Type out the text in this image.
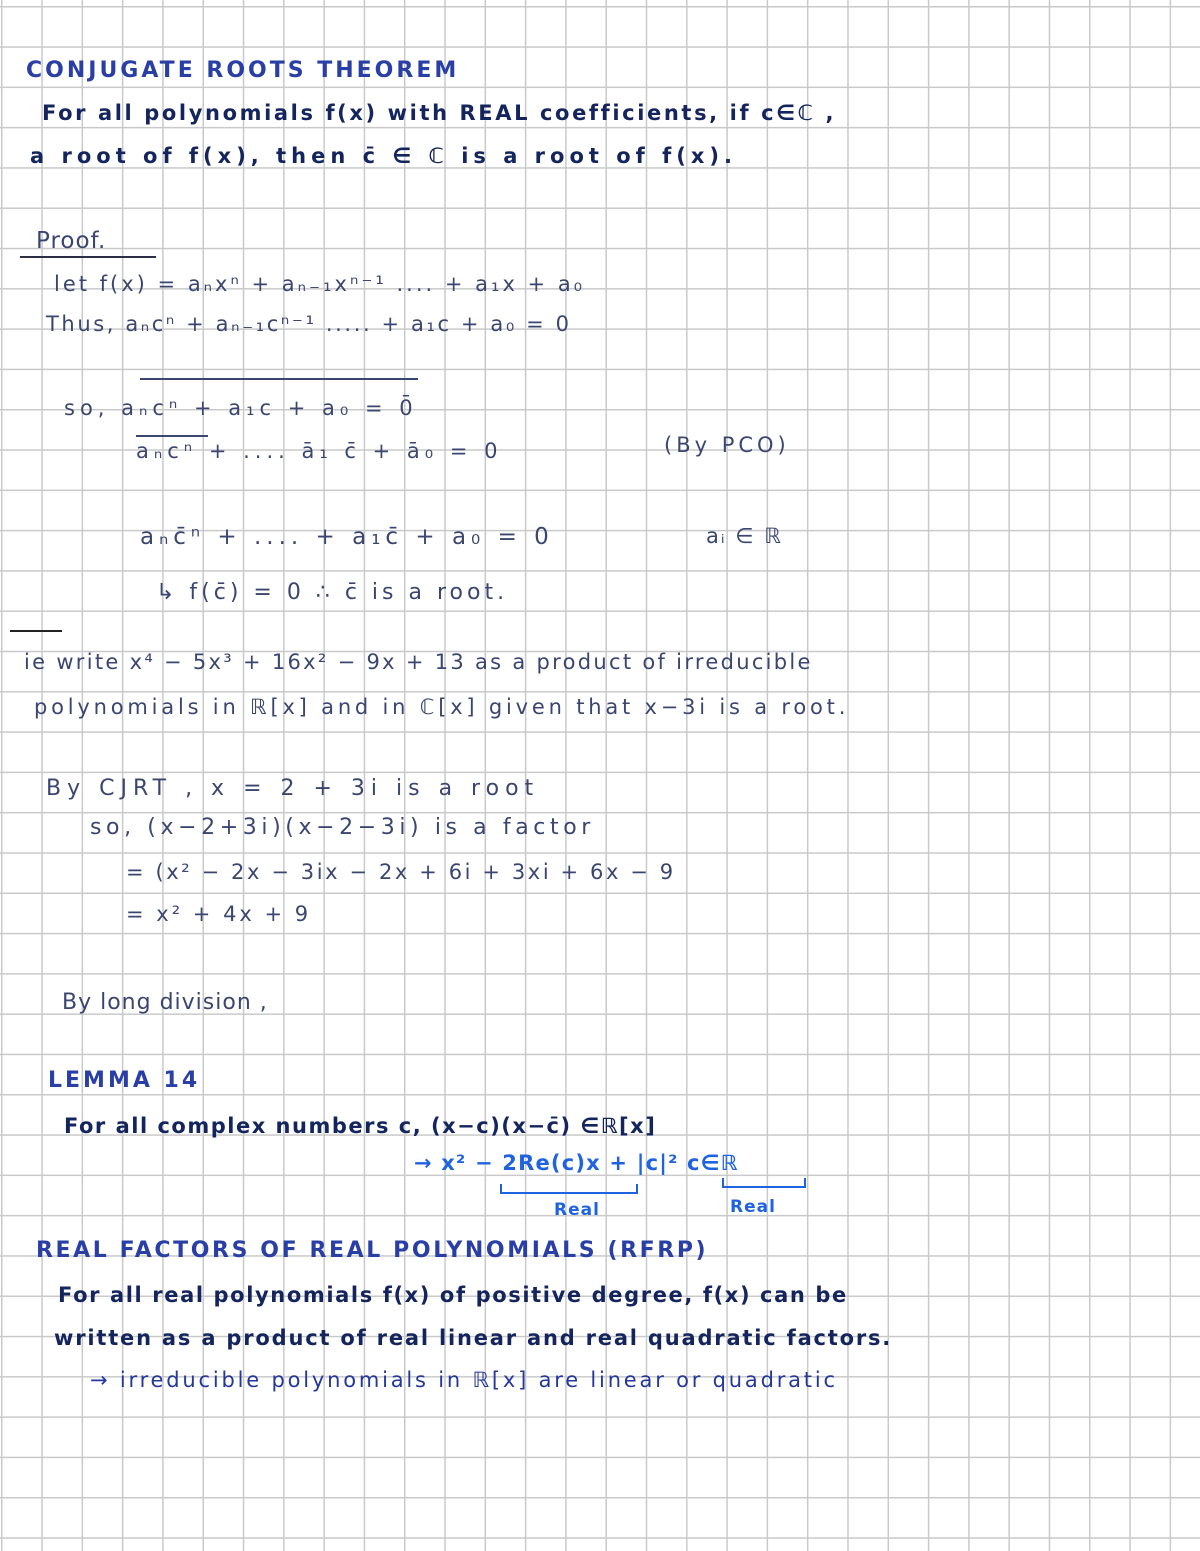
CONJUGATE ROOTS THEOREM
For all polynomials f(x) with REAL coefficients, if c∈ℂ ,
a root of f(x), then c̄ ∈ ℂ is a root of f(x).
Proof.
let f(x) = aₙxⁿ + aₙ₋₁xⁿ⁻¹ .... + a₁x + a₀
Thus, aₙcⁿ + aₙ₋₁cⁿ⁻¹ ..... + a₁c + a₀ = 0
so, aₙcⁿ + a₁c + a₀ = 0̄
aₙcⁿ + .... ā₁ c̄ + ā₀ = 0	(By PCO)
aₙc̄ⁿ + .... + a₁c̄ + a₀ = 0	aᵢ ∈ ℝ
↳ f(c̄) = 0 ∴ c̄ is a root.
ie write x⁴ − 5x³ + 16x² − 9x + 13 as a product of irreducible
polynomials in ℝ[x] and in ℂ[x] given that x−3i is a root.
By CJRT , x = 2 + 3i is a root
so, (x−2+3i)(x−2−3i) is a factor
= (x² − 2x − 3ix − 2x + 6i + 3xi + 6x − 9
= x² + 4x + 9
By long division ,
LEMMA 14
For all complex numbers c, (x−c)(x−c̄) ∈ℝ[x]
→ x² − 2Re(c)x + |c|² c∈ℝ
Real	Real
REAL FACTORS OF REAL POLYNOMIALS (RFRP)
For all real polynomials f(x) of positive degree, f(x) can be
written as a product of real linear and real quadratic factors.
→ irreducible polynomials in ℝ[x] are linear or quadratic
